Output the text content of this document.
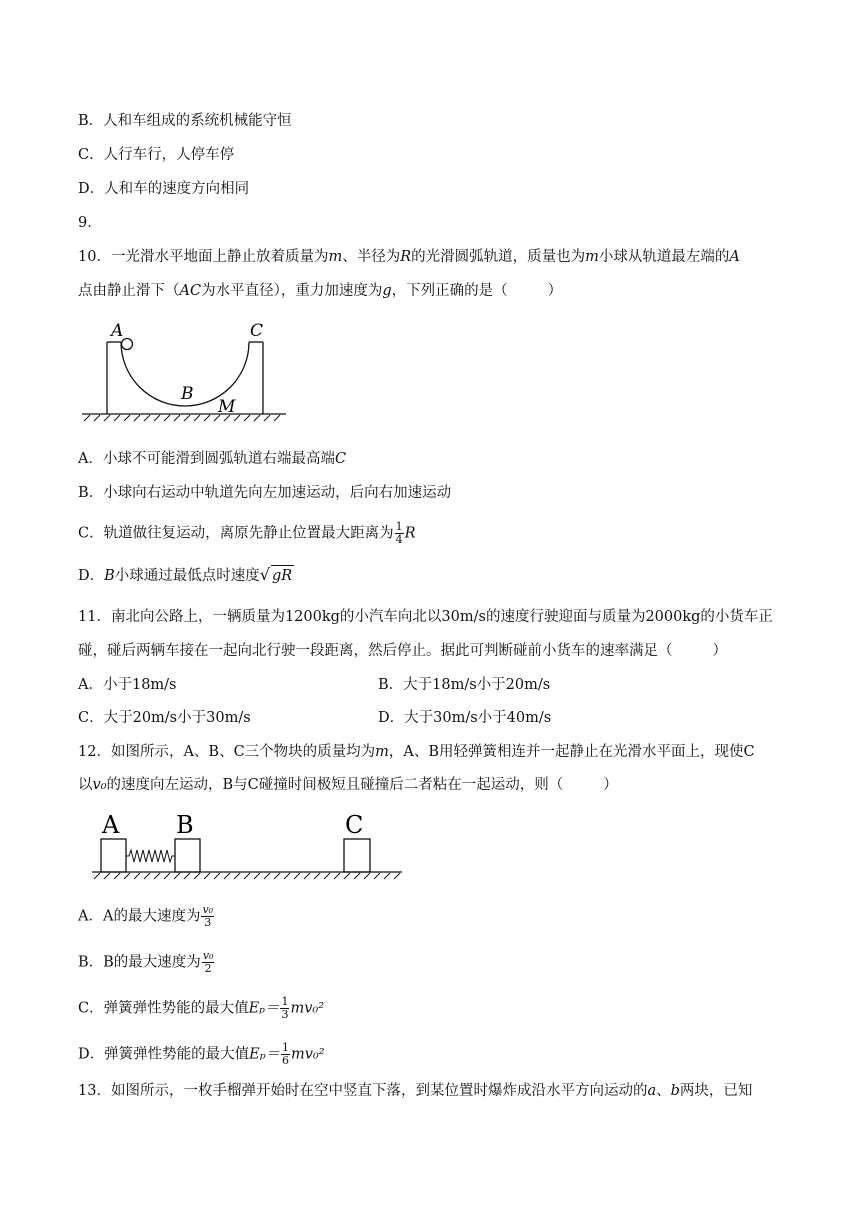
B．人和车组成的系统机械能守恒
C．人行车行，人停车停
D．人和车的速度方向相同
9．
10．一光滑水平地面上静止放着质量为m、半径为R的光滑圆弧轨道，质量也为m小球从轨道最左端的A
点由静止滑下（AC为水平直径），重力加速度为g，下列正确的是（	）
A	C
B
M
A．小球不可能滑到圆弧轨道右端最高端C
B．小球向右运动中轨道先向左加速运动，后向右加速运动
C．轨道做往复运动，离原先静止位置最大距离为 $\frac{1}{4}$ R
D．B小球通过最低点时速度√ gR
11．南北向公路上，一辆质量为1200kg的小汽车向北以30m/s的速度行驶迎面与质量为2000kg的小货车正
碰，碰后两辆车接在一起向北行驶一段距离，然后停止。据此可判断碰前小货车的速率满足（	）
A．小于18m/s	B．大于18m/s小于20m/s
C．大于20m/s小于30m/s	D．大于30m/s小于40m/s
12．如图所示，A、B、C三个物块的质量均为m，A、B用轻弹簧相连并一起静止在光滑水平面上，现使C
以v₀的速度向左运动，B与C碰撞时间极短且碰撞后二者粘在一起运动，则（	）
A B	C
A．A的最大速度为 $\frac{\text{v₀}}{3}$
B．B的最大速度为 $\frac{\text{v₀}}{2}$
C．弹簧弹性势能的最大值$E_p= \frac{1}{3} mv_0^2$
D．弹簧弹性势能的最大值$E_p= \frac{1}{6} mv_0^2$
13．如图所示，一枚手榴弹开始时在空中竖直下落，到某位置时爆炸成沿水平方向运动的a、b两块，已知
